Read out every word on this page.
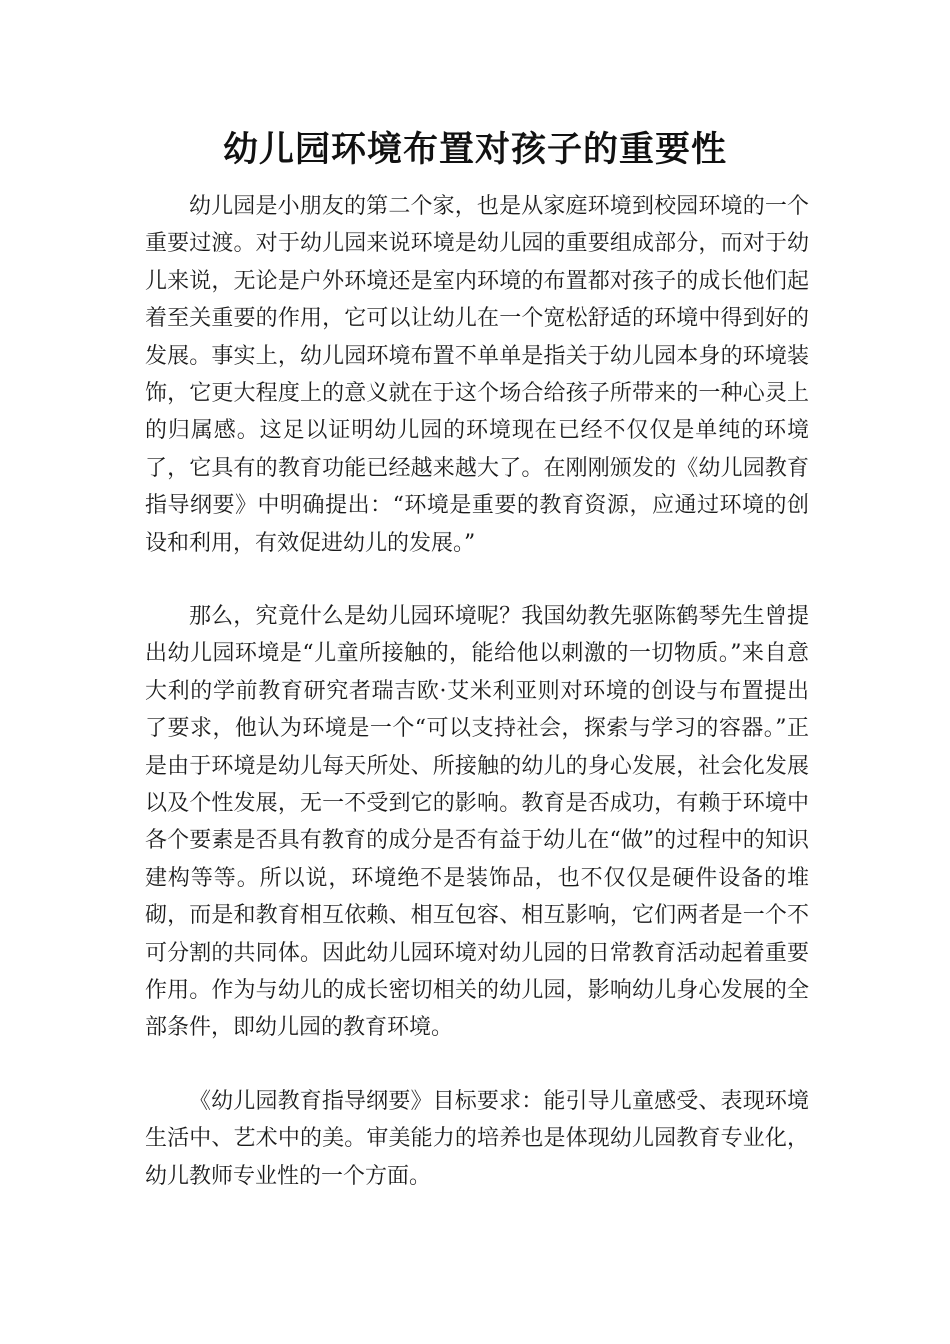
幼儿园环境布置对孩子的重要性

幼儿园是小朋友的第二个家，也是从家庭环境到校园环境的一个重要过渡。对于幼儿园来说环境是幼儿园的重要组成部分，而对于幼儿来说，无论是户外环境还是室内环境的布置都对孩子的成长他们起着至关重要的作用，它可以让幼儿在一个宽松舒适的环境中得到好的发展。事实上，幼儿园环境布置不单单是指关于幼儿园本身的环境装饰，它更大程度上的意义就在于这个场合给孩子所带来的一种心灵上的归属感。这足以证明幼儿园的环境现在已经不仅仅是单纯的环境了，它具有的教育功能已经越来越大了。在刚刚颁发的《幼儿园教育指导纲要》中明确提出：“环境是重要的教育资源，应通过环境的创设和利用，有效促进幼儿的发展。”

那么，究竟什么是幼儿园环境呢？我国幼教先驱陈鹤琴先生曾提出幼儿园环境是“儿童所接触的，能给他以刺激的一切物质。”来自意大利的学前教育研究者瑞吉欧·艾米利亚则对环境的创设与布置提出了要求，他认为环境是一个“可以支持社会，探索与学习的容器。”正是由于环境是幼儿每天所处、所接触的幼儿的身心发展，社会化发展以及个性发展，无一不受到它的影响。教育是否成功，有赖于环境中各个要素是否具有教育的成分是否有益于幼儿在“做”的过程中的知识建构等等。所以说，环境绝不是装饰品，也不仅仅是硬件设备的堆砌，而是和教育相互依赖、相互包容、相互影响，它们两者是一个不可分割的共同体。因此幼儿园环境对幼儿园的日常教育活动起着重要作用。作为与幼儿的成长密切相关的幼儿园，影响幼儿身心发展的全部条件，即幼儿园的教育环境。

《幼儿园教育指导纲要》目标要求：能引导儿童感受、表现环境生活中、艺术中的美。审美能力的培养也是体现幼儿园教育专业化，幼儿教师专业性的一个方面。
